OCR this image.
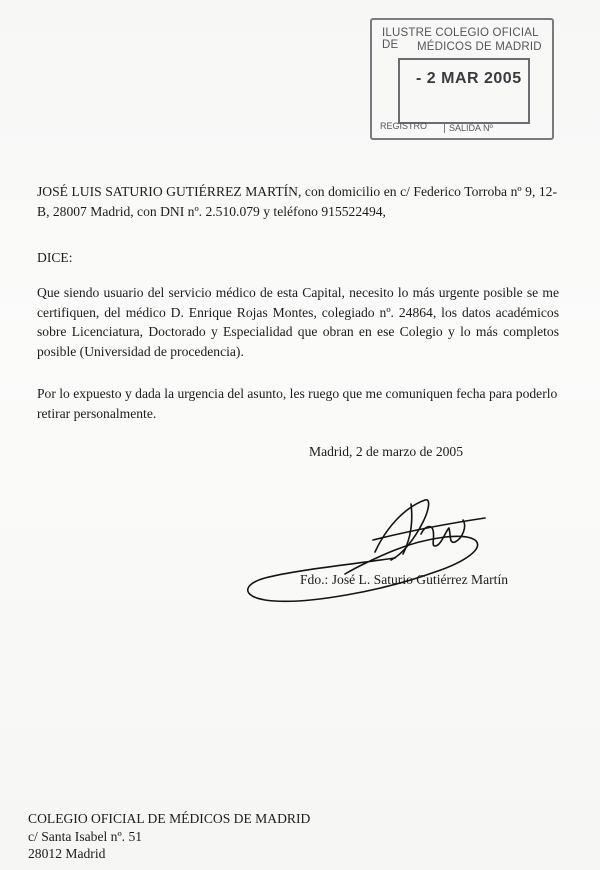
ILUSTRE COLEGIO OFICIAL DE	MÉDICOS DE MADRID
- 2 MAR 2005
REGISTRO	SALIDA Nº
JOSÉ LUIS SATURIO GUTIÉRREZ MARTÍN, con domicilio en c/ Federico Torroba nº 9, 12-B, 28007 Madrid, con DNI nº. 2.510.079 y teléfono 915522494,
DICE:
Que siendo usuario del servicio médico de esta Capital, necesito lo más urgente posible se me certifiquen, del médico D. Enrique Rojas Montes, colegiado nº. 24864, los datos académicos sobre Licenciatura, Doctorado y Especialidad que obran en ese Colegio y lo más completos posible (Universidad de procedencia).
Por lo expuesto y dada la urgencia del asunto, les ruego que me comuniquen fecha para poderlo retirar personalmente.
Madrid, 2 de marzo de 2005
Fdo.: José L. Saturio Gutiérrez Martín
COLEGIO OFICIAL DE MÉDICOS DE MADRID
c/ Santa Isabel nº. 51
28012 Madrid
